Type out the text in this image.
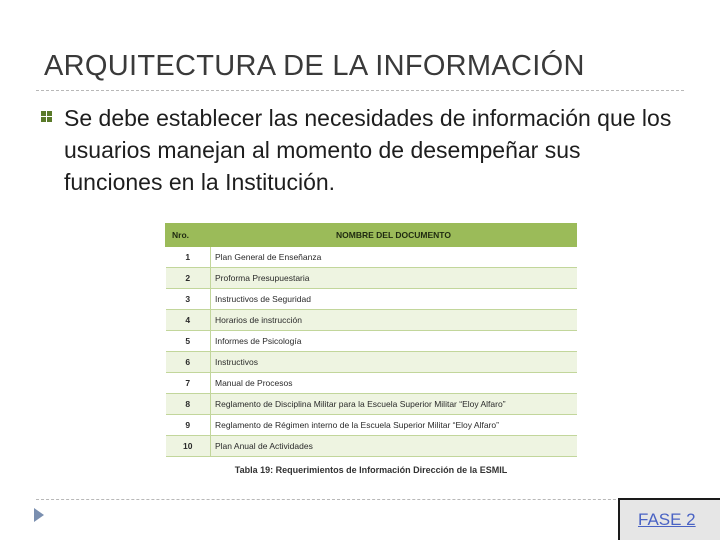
ARQUITECTURA DE LA INFORMACIÓN
Se debe establecer las necesidades de información que los usuarios manejan al momento de desempeñar sus funciones en la Institución.
Nro.	NOMBRE DEL DOCUMENTO
1	Plan General de Enseñanza
2	Proforma Presupuestaria
3	Instructivos de Seguridad
4	Horarios de instrucción
5	Informes de Psicología
6	Instructivos
7	Manual de Procesos
8	Reglamento de Disciplina Militar para la Escuela Superior Militar “Eloy Alfaro”
9	Reglamento de Régimen interno de la Escuela Superior Militar “Eloy Alfaro”
10	Plan Anual de Actividades
Tabla 19: Requerimientos de Información Dirección de la ESMIL
FASE 2
